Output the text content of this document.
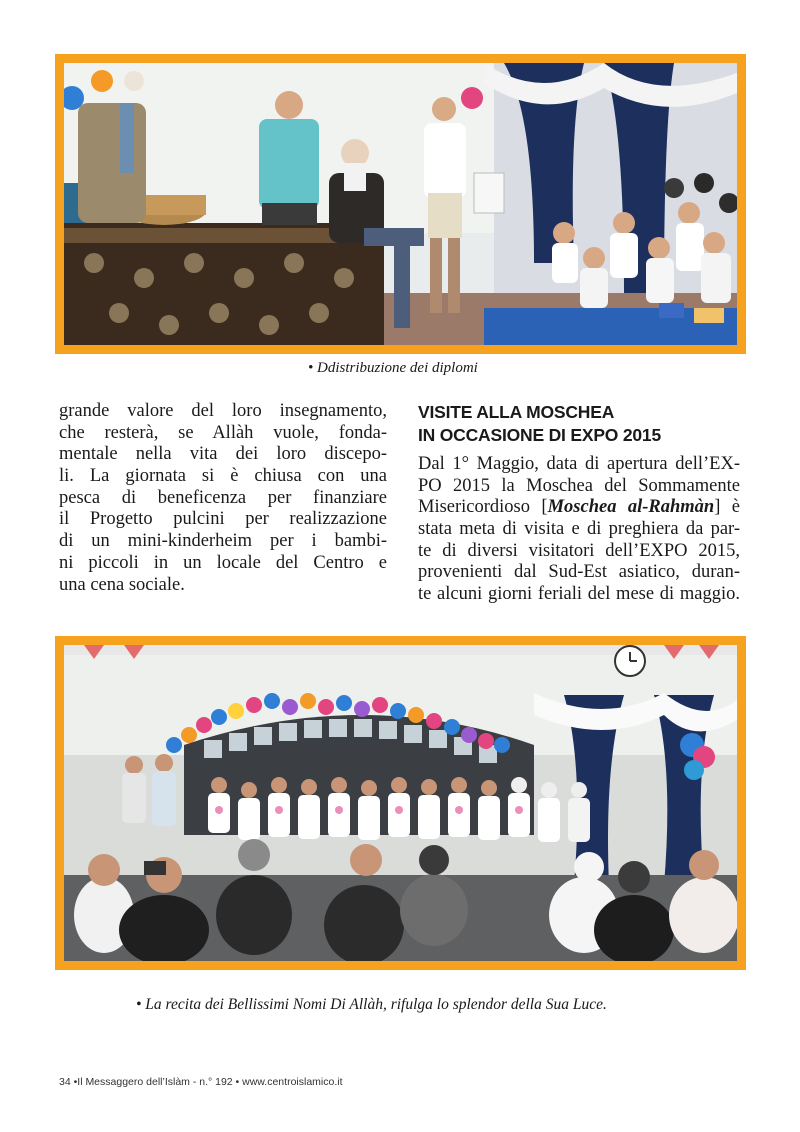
• Ddistribuzione dei diplomi
grande valore del loro insegnamento,
che resterà, se Allàh vuole, fonda-
mentale nella vita dei loro discepo-
li. La giornata si è chiusa con una
pesca di beneficenza per finanziare
il Progetto pulcini per realizzazione
di un mini-kinderheim per i bambi-
ni piccoli in un locale del Centro e
una cena sociale.
VISITE ALLA MOSCHEA
IN OCCASIONE DI EXPO 2015
Dal 1° Maggio, data di apertura dell’EX-
PO 2015 la Moschea del Sommamente
Misericordioso [Moschea al-Rahmàn] è
stata meta di visita e di preghiera da par-
te di diversi visitatori dell’EXPO 2015,
provenienti dal Sud-Est asiatico, duran-
te alcuni giorni feriali del mese di maggio.
• La recita dei Bellissimi Nomi Di Allàh, rifulga lo splendor della Sua Luce.
34 •Il Messaggero dell’Islàm - n.° 192 • www.centroislamico.it
